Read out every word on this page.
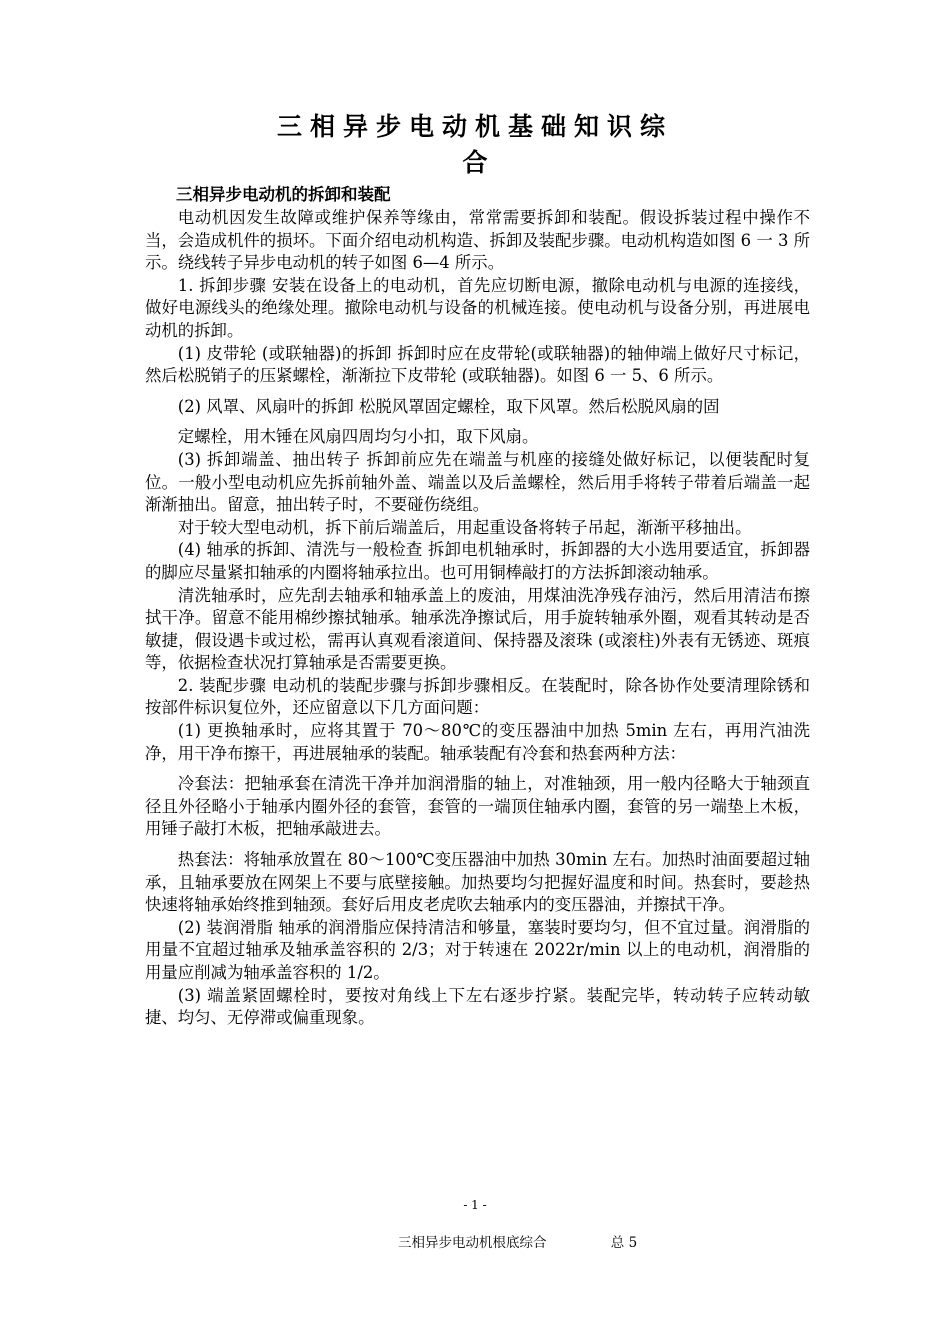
三相异步电动机基础知识综
合
三相异步电动机的拆卸和装配

电动机因发生故障或维护保养等缘由，常常需要拆卸和装配。假设拆装过程中操作不当，会造成机件的损坏。下面介绍电动机构造、拆卸及装配步骤。电动机构造如图 6 一 3 所示。绕线转子异步电动机的转子如图 6—4 所示。

1. 拆卸步骤 安装在设备上的电动机，首先应切断电源，撤除电动机与电源的连接线，做好电源线头的绝缘处理。撤除电动机与设备的机械连接。使电动机与设备分别，再进展电动机的拆卸。

(1) 皮带轮 (或联轴器)的拆卸 拆卸时应在皮带轮(或联轴器)的轴伸端上做好尺寸标记，然后松脱销子的压紧螺栓，渐渐拉下皮带轮 (或联轴器)。如图 6 一 5、6 所示。

(2) 风罩、风扇叶的拆卸 松脱风罩固定螺栓，取下风罩。然后松脱风扇的固

定螺栓，用木锤在风扇四周均匀小扣，取下风扇。

(3) 拆卸端盖、抽出转子 拆卸前应先在端盖与机座的接缝处做好标记，以便装配时复位。一般小型电动机应先拆前轴外盖、端盖以及后盖螺栓，然后用手将转子带着后端盖一起渐渐抽出。留意，抽出转子时，不要碰伤绕组。

对于较大型电动机，拆下前后端盖后，用起重设备将转子吊起，渐渐平移抽出。

(4) 轴承的拆卸、清洗与一般检查 拆卸电机轴承时，拆卸器的大小选用要适宜，拆卸器的脚应尽量紧扣轴承的内圈将轴承拉出。也可用铜棒敲打的方法拆卸滚动轴承。

清洗轴承时，应先刮去轴承和轴承盖上的废油，用煤油洗净残存油污，然后用清洁布擦拭干净。留意不能用棉纱擦拭轴承。轴承洗净擦试后，用手旋转轴承外圈，观看其转动是否敏捷，假设遇卡或过松，需再认真观看滚道间、保持器及滚珠 (或滚柱)外表有无锈迹、斑痕等，依据检查状况打算轴承是否需要更换。

2. 装配步骤 电动机的装配步骤与拆卸步骤相反。在装配时，除各协作处要清理除锈和按部件标识复位外，还应留意以下几方面问题：

(1) 更换轴承时，应将其置于 70～80℃的变压器油中加热 5min 左右，再用汽油洗净，用干净布擦干，再进展轴承的装配。轴承装配有冷套和热套两种方法：

冷套法：把轴承套在清洗干净并加润滑脂的轴上，对准轴颈，用一般内径略大于轴颈直径且外径略小于轴承内圈外径的套管，套管的一端顶住轴承内圈，套管的另一端垫上木板，用锤子敲打木板，把轴承敲进去。

热套法：将轴承放置在 80～100℃变压器油中加热 30min 左右。加热时油面要超过轴承，且轴承要放在网架上不要与底壁接触。加热要均匀把握好温度和时间。热套时，要趁热快速将轴承始终推到轴颈。套好后用皮老虎吹去轴承内的变压器油，并擦拭干净。

(2) 装润滑脂 轴承的润滑脂应保持清洁和够量，塞装时要均匀，但不宜过量。润滑脂的用量不宜超过轴承及轴承盖容积的 2/3；对于转速在 2022r/min 以上的电动机，润滑脂的用量应削减为轴承盖容积的 1/2。

(3) 端盖紧固螺栓时，要按对角线上下左右逐步拧紧。装配完毕，转动转子应转动敏捷、均匀、无停滞或偏重现象。

- 1 -
三相异步电动机根底综合	总 5
